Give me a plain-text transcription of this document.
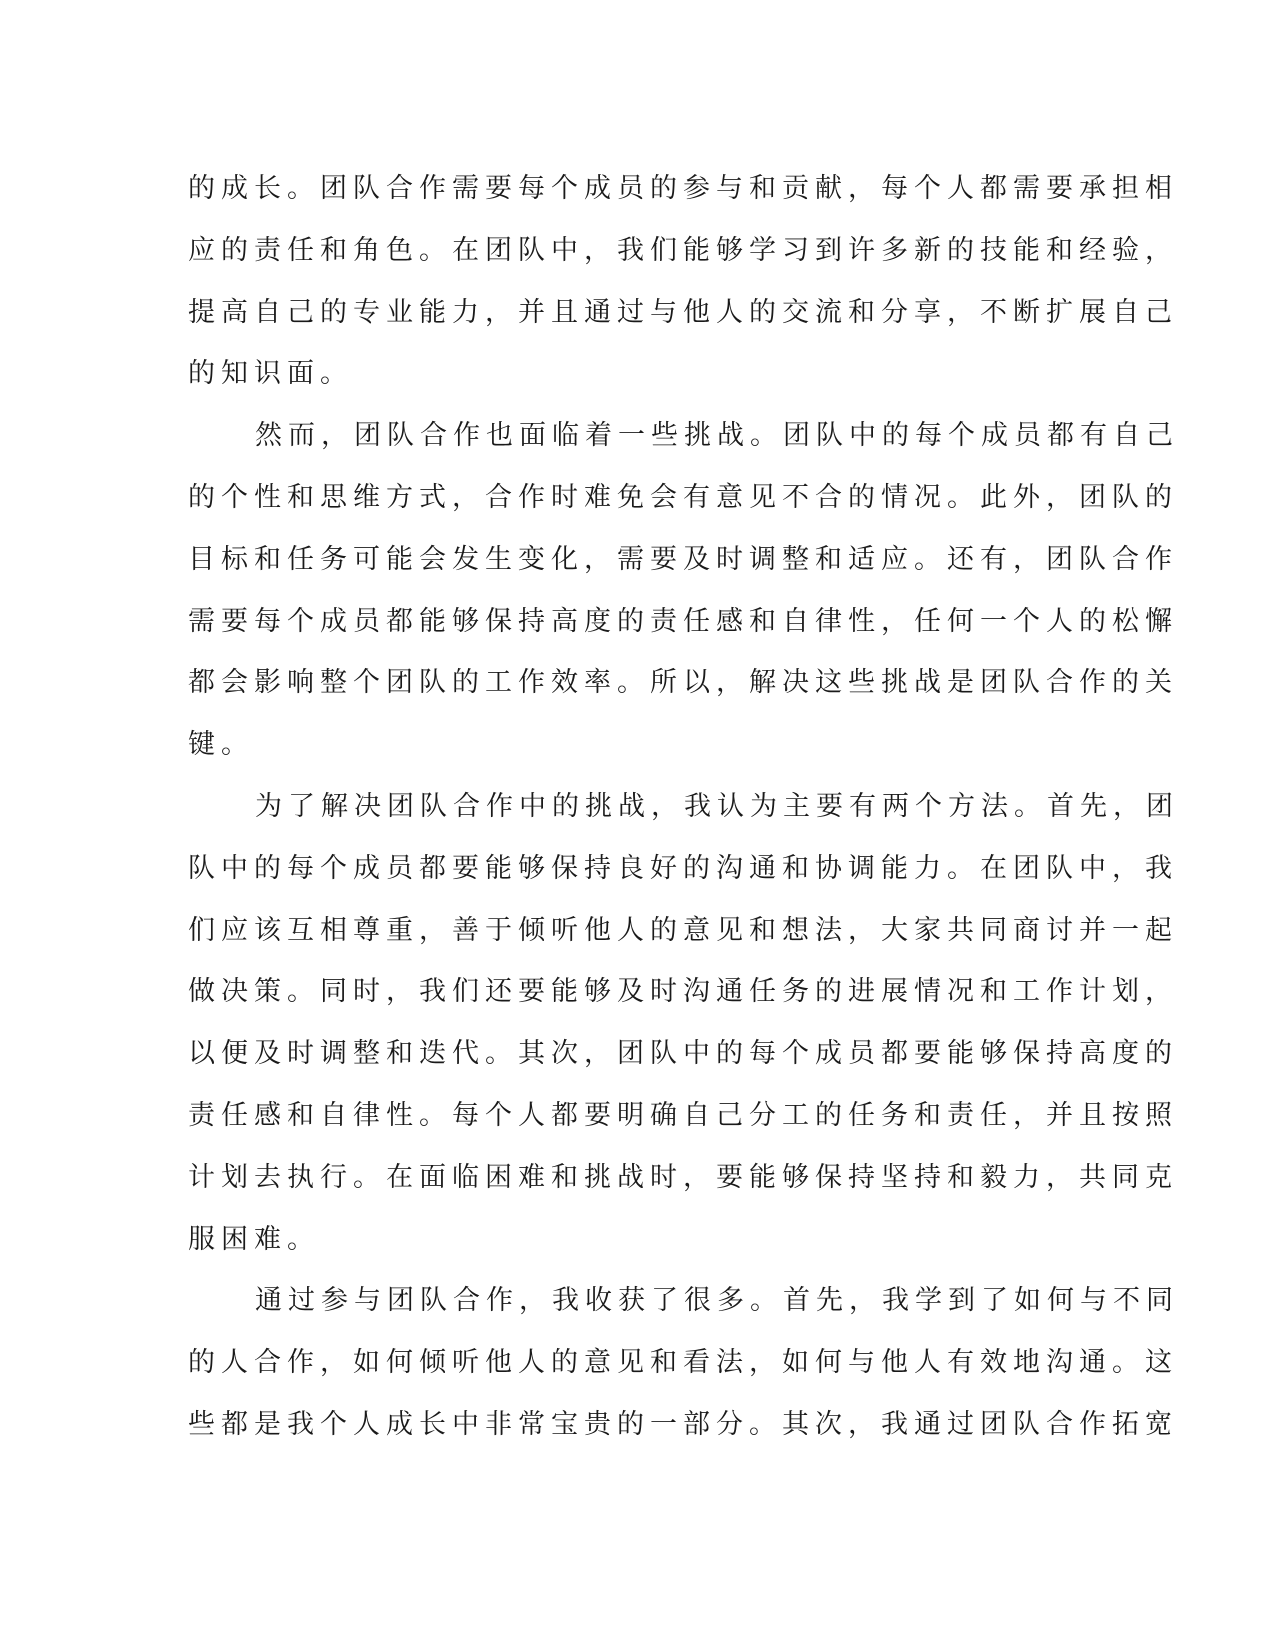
的成长。团队合作需要每个成员的参与和贡献，每个人都需要承担相
应的责任和角色。在团队中，我们能够学习到许多新的技能和经验，
提高自己的专业能力，并且通过与他人的交流和分享，不断扩展自己
的知识面。
然而，团队合作也面临着一些挑战。团队中的每个成员都有自己
的个性和思维方式，合作时难免会有意见不合的情况。此外，团队的
目标和任务可能会发生变化，需要及时调整和适应。还有，团队合作
需要每个成员都能够保持高度的责任感和自律性，任何一个人的松懈
都会影响整个团队的工作效率。所以，解决这些挑战是团队合作的关
键。
为了解决团队合作中的挑战，我认为主要有两个方法。首先，团
队中的每个成员都要能够保持良好的沟通和协调能力。在团队中，我
们应该互相尊重，善于倾听他人的意见和想法，大家共同商讨并一起
做决策。同时，我们还要能够及时沟通任务的进展情况和工作计划，
以便及时调整和迭代。其次，团队中的每个成员都要能够保持高度的
责任感和自律性。每个人都要明确自己分工的任务和责任，并且按照
计划去执行。在面临困难和挑战时，要能够保持坚持和毅力，共同克
服困难。
通过参与团队合作，我收获了很多。首先，我学到了如何与不同
的人合作，如何倾听他人的意见和看法，如何与他人有效地沟通。这
些都是我个人成长中非常宝贵的一部分。其次，我通过团队合作拓宽
